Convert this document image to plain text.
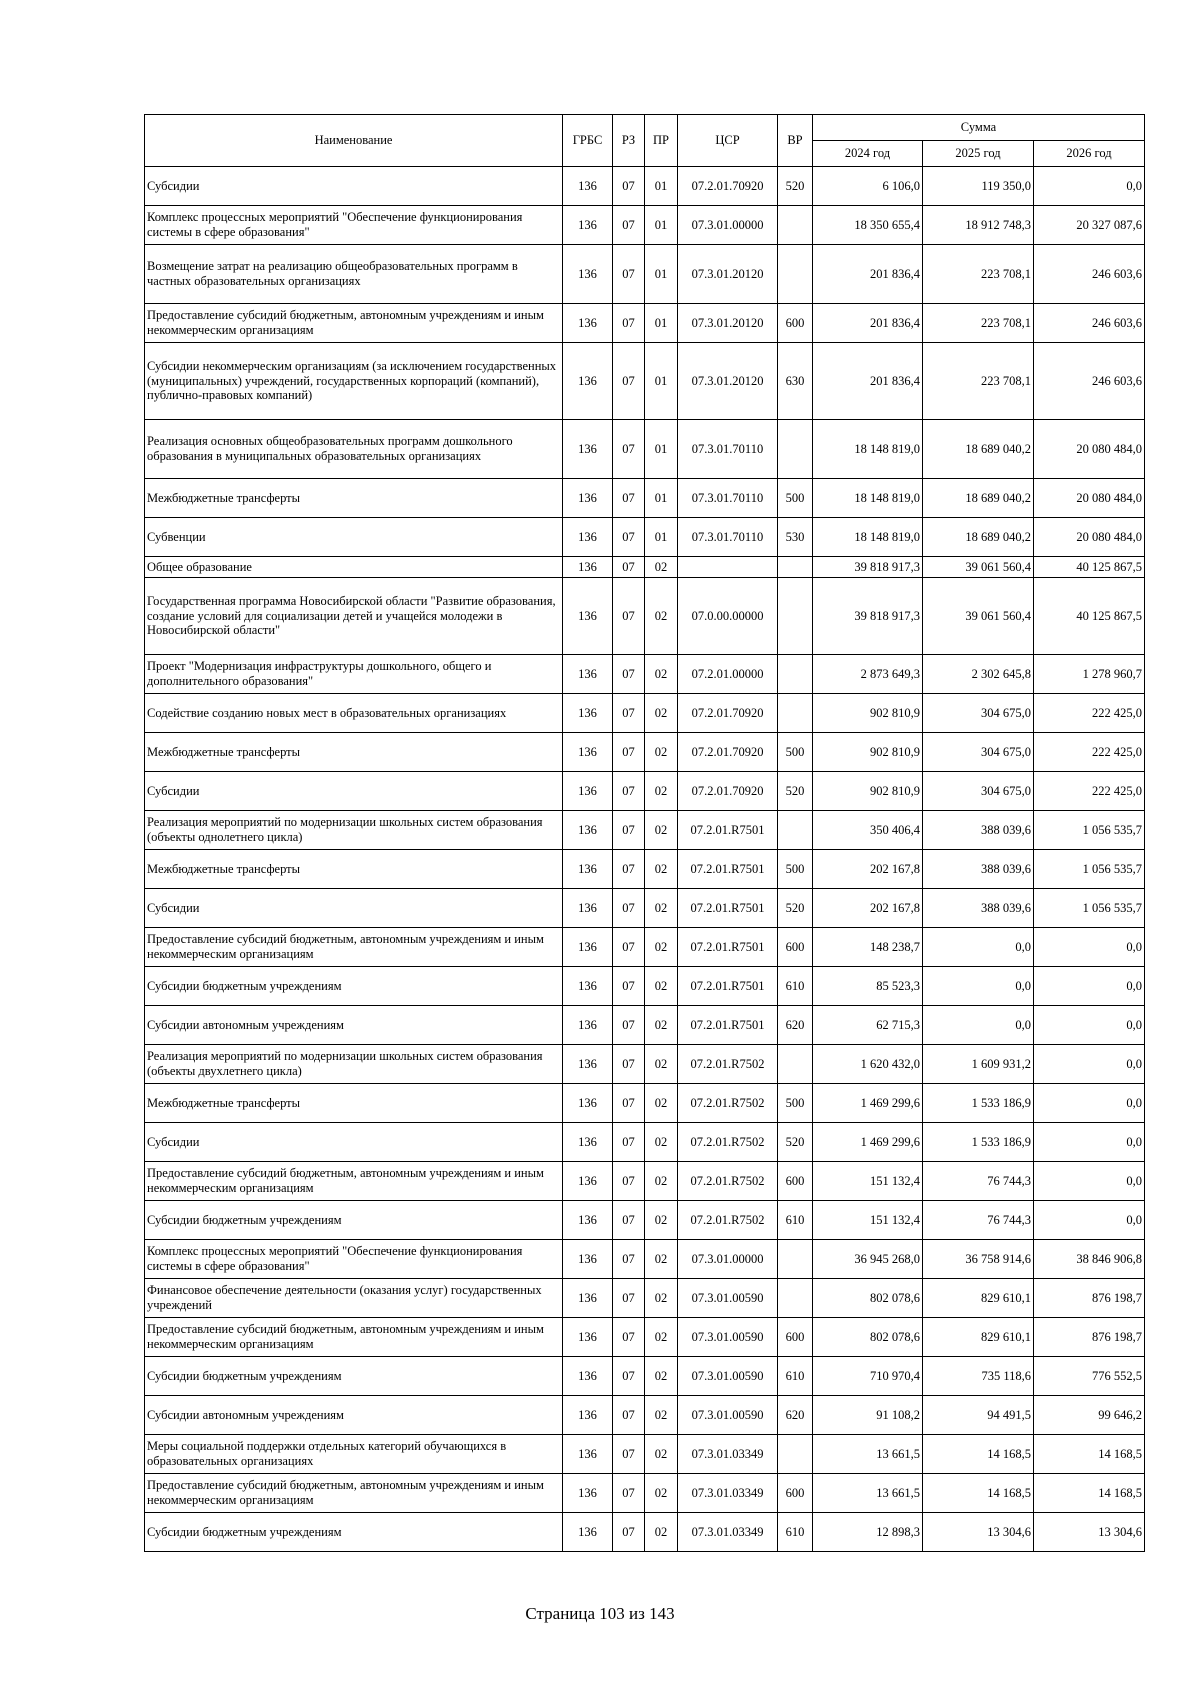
Наименование	ГРБС	РЗ	ПР	ЦСР	ВР	Сумма		
						2024 год	2025 год	2026 год
Субсидии	136	07	01	07.2.01.70920	520	6 106,0	119 350,0	0,0
Комплекс процессных мероприятий "Обеспечение функционирования системы в сфере образования"	136	07	01	07.3.01.00000		18 350 655,4	18 912 748,3	20 327 087,6
Возмещение затрат на реализацию общеобразовательных программ в частных образовательных организациях	136	07	01	07.3.01.20120		201 836,4	223 708,1	246 603,6
Предоставление субсидий бюджетным, автономным учреждениям и иным некоммерческим организациям	136	07	01	07.3.01.20120	600	201 836,4	223 708,1	246 603,6
Субсидии некоммерческим организациям (за исключением государственных (муниципальных) учреждений, государственных корпораций (компаний), публично-правовых компаний)	136	07	01	07.3.01.20120	630	201 836,4	223 708,1	246 603,6
Реализация основных общеобразовательных программ дошкольного образования в муниципальных образовательных организациях	136	07	01	07.3.01.70110		18 148 819,0	18 689 040,2	20 080 484,0
Межбюджетные трансферты	136	07	01	07.3.01.70110	500	18 148 819,0	18 689 040,2	20 080 484,0
Субвенции	136	07	01	07.3.01.70110	530	18 148 819,0	18 689 040,2	20 080 484,0
Общее образование	136	07	02			39 818 917,3	39 061 560,4	40 125 867,5
Государственная программа Новосибирской области "Развитие образования, создание условий для социализации детей и учащейся молодежи в Новосибирской области"	136	07	02	07.0.00.00000		39 818 917,3	39 061 560,4	40 125 867,5
Проект "Модернизация инфраструктуры дошкольного, общего и дополнительного образования"	136	07	02	07.2.01.00000		2 873 649,3	2 302 645,8	1 278 960,7
Содействие созданию новых мест в образовательных организациях	136	07	02	07.2.01.70920		902 810,9	304 675,0	222 425,0
Межбюджетные трансферты	136	07	02	07.2.01.70920	500	902 810,9	304 675,0	222 425,0
Субсидии	136	07	02	07.2.01.70920	520	902 810,9	304 675,0	222 425,0
Реализация мероприятий по модернизации школьных систем образования (объекты однолетнего цикла)	136	07	02	07.2.01.R7501		350 406,4	388 039,6	1 056 535,7
Межбюджетные трансферты	136	07	02	07.2.01.R7501	500	202 167,8	388 039,6	1 056 535,7
Субсидии	136	07	02	07.2.01.R7501	520	202 167,8	388 039,6	1 056 535,7
Предоставление субсидий бюджетным, автономным учреждениям и иным некоммерческим организациям	136	07	02	07.2.01.R7501	600	148 238,7	0,0	0,0
Субсидии бюджетным учреждениям	136	07	02	07.2.01.R7501	610	85 523,3	0,0	0,0
Субсидии автономным учреждениям	136	07	02	07.2.01.R7501	620	62 715,3	0,0	0,0
Реализация мероприятий по модернизации школьных систем образования (объекты двухлетнего цикла)	136	07	02	07.2.01.R7502		1 620 432,0	1 609 931,2	0,0
Межбюджетные трансферты	136	07	02	07.2.01.R7502	500	1 469 299,6	1 533 186,9	0,0
Субсидии	136	07	02	07.2.01.R7502	520	1 469 299,6	1 533 186,9	0,0
Предоставление субсидий бюджетным, автономным учреждениям и иным некоммерческим организациям	136	07	02	07.2.01.R7502	600	151 132,4	76 744,3	0,0
Субсидии бюджетным учреждениям	136	07	02	07.2.01.R7502	610	151 132,4	76 744,3	0,0
Комплекс процессных мероприятий "Обеспечение функционирования системы в сфере образования"	136	07	02	07.3.01.00000		36 945 268,0	36 758 914,6	38 846 906,8
Финансовое обеспечение деятельности (оказания услуг) государственных учреждений	136	07	02	07.3.01.00590		802 078,6	829 610,1	876 198,7
Предоставление субсидий бюджетным, автономным учреждениям и иным некоммерческим организациям	136	07	02	07.3.01.00590	600	802 078,6	829 610,1	876 198,7
Субсидии бюджетным учреждениям	136	07	02	07.3.01.00590	610	710 970,4	735 118,6	776 552,5
Субсидии автономным учреждениям	136	07	02	07.3.01.00590	620	91 108,2	94 491,5	99 646,2
Меры социальной поддержки отдельных категорий обучающихся в образовательных организациях	136	07	02	07.3.01.03349		13 661,5	14 168,5	14 168,5
Предоставление субсидий бюджетным, автономным учреждениям и иным некоммерческим организациям	136	07	02	07.3.01.03349	600	13 661,5	14 168,5	14 168,5
Субсидии бюджетным учреждениям	136	07	02	07.3.01.03349	610	12 898,3	13 304,6	13 304,6
Страница 103 из 143
